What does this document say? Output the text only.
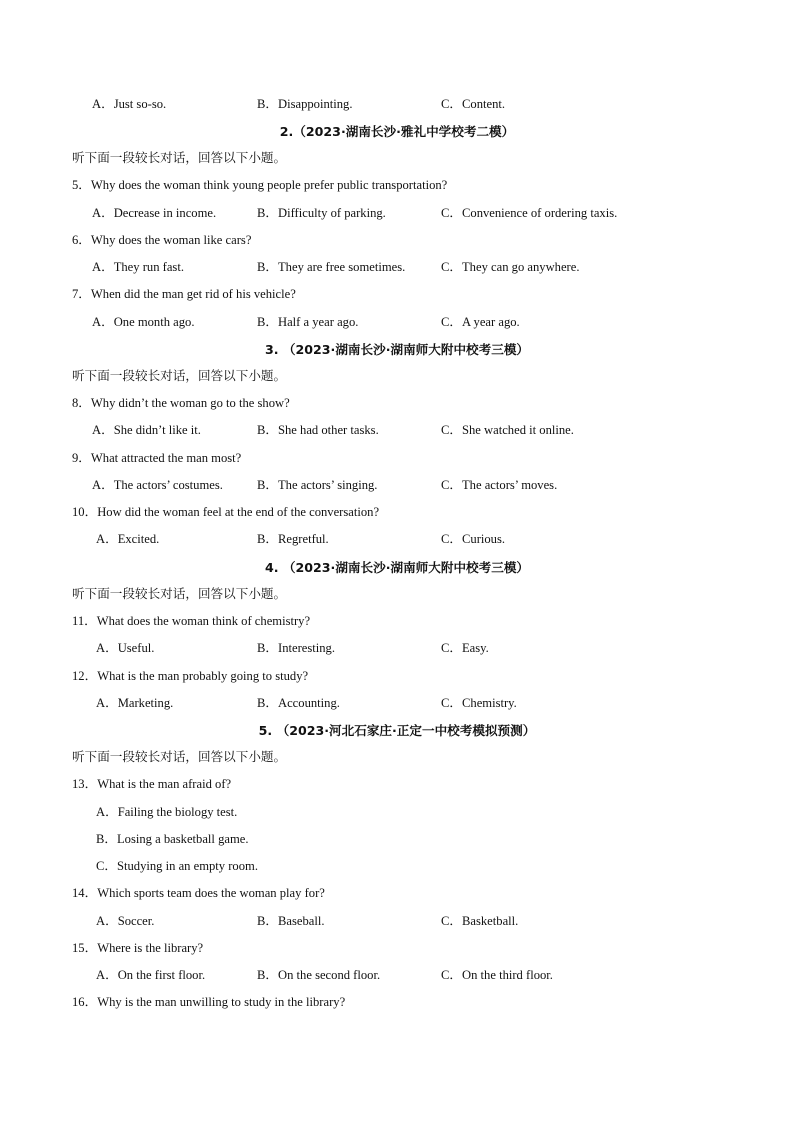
A．Just so-so.	B．Disappointing.	C．Content.
2.（2023·湖南长沙·雅礼中学校考二模）
听下面一段较长对话，回答以下小题。
5．Why does the woman think young people prefer public transportation?
A．Decrease in income.	B．Difficulty of parking.	C．Convenience of ordering taxis.
6．Why does the woman like cars?
A．They run fast.	B．They are free sometimes.	C．They can go anywhere.
7．When did the man get rid of his vehicle?
A．One month ago.	B．Half a year ago.	C．A year ago.
3. （2023·湖南长沙·湖南师大附中校考三模）
听下面一段较长对话，回答以下小题。
8．Why didn’t the woman go to the show?
A．She didn’t like it.	B．She had other tasks.	C．She watched it online.
9．What attracted the man most?
A．The actors’ costumes.	B．The actors’ singing.	C．The actors’ moves.
10．How did the woman feel at the end of the conversation?
A．Excited.	B．Regretful.	C．Curious.
4. （2023·湖南长沙·湖南师大附中校考三模）
听下面一段较长对话，回答以下小题。
11．What does the woman think of chemistry?
A．Useful.	B．Interesting.	C．Easy.
12．What is the man probably going to study?
A．Marketing.	B．Accounting.	C．Chemistry.
5. （2023·河北石家庄·正定一中校考模拟预测）
听下面一段较长对话，回答以下小题。
13．What is the man afraid of?
A．Failing the biology test.
B．Losing a basketball game.
C．Studying in an empty room.
14．Which sports team does the woman play for?
A．Soccer.	B．Baseball.	C．Basketball.
15．Where is the library?
A．On the first floor.	B．On the second floor.	C．On the third floor.
16．Why is the man unwilling to study in the library?
